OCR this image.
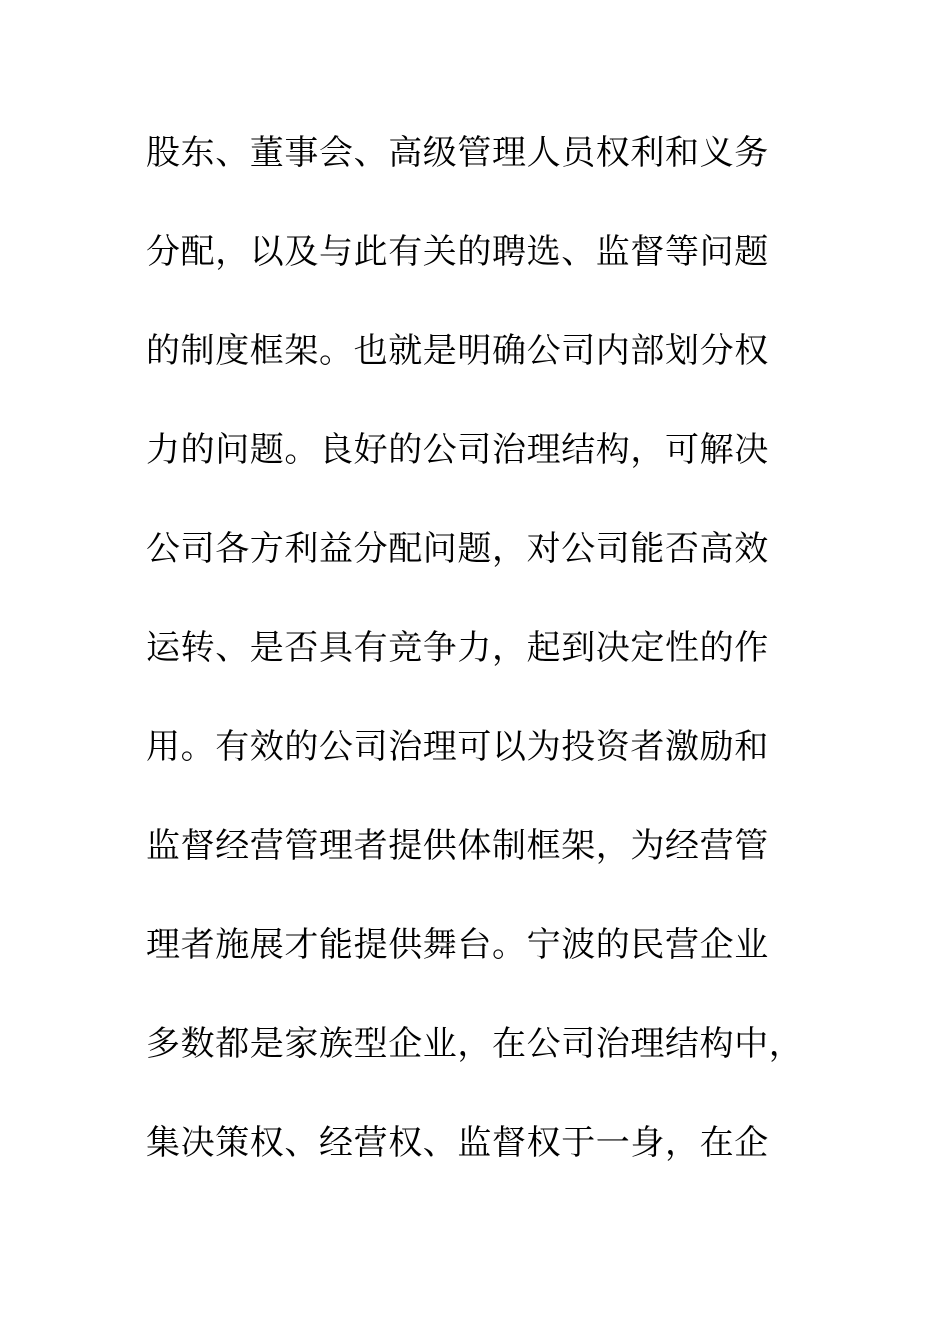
股东、董事会、高级管理人员权利和义务
分配，以及与此有关的聘选、监督等问题
的制度框架。也就是明确公司内部划分权
力的问题。良好的公司治理结构，可解决
公司各方利益分配问题，对公司能否高效
运转、是否具有竞争力，起到决定性的作
用。有效的公司治理可以为投资者激励和
监督经营管理者提供体制框架，为经营管
理者施展才能提供舞台。宁波的民营企业
多数都是家族型企业，在公司治理结构中，
集决策权、经营权、监督权于一身，在企
